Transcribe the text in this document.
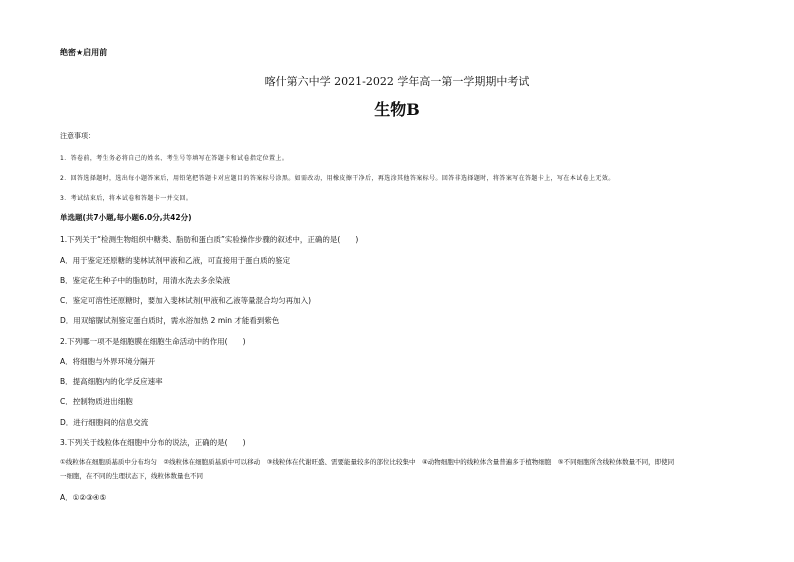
绝密★启用前
喀什第六中学 2021-2022 学年高一第一学期期中考试
生物B
注意事项：
1．答卷前，考生务必将自己的姓名、考生号等填写在答题卡和试卷指定位置上。
2．回答选择题时，选出每小题答案后，用铅笔把答题卡对应题目的答案标号涂黑。如需改动，用橡皮擦干净后，再选涂其他答案标号。回答非选择题时，将答案写在答题卡上，写在本试卷上无效。
3．考试结束后，将本试卷和答题卡一并交回。
单选题(共7小题,每小题6.0分,共42分)
1.下列关于“检测生物组织中糖类、脂肪和蛋白质”实验操作步骤的叙述中，正确的是(　　)
A．用于鉴定还原糖的斐林试剂甲液和乙液，可直接用于蛋白质的鉴定
B．鉴定花生种子中的脂肪时，用清水洗去多余染液
C．鉴定可溶性还原糖时，要加入斐林试剂(甲液和乙液等量混合均匀再加入)
D．用双缩脲试剂鉴定蛋白质时，需水浴加热 2 min 才能看到紫色
2.下列哪一项不是细胞膜在细胞生命活动中的作用(　　)
A．将细胞与外界环境分隔开
B．提高细胞内的化学反应速率
C．控制物质进出细胞
D．进行细胞间的信息交流
3.下列关于线粒体在细胞中分布的说法，正确的是(　　)
①线粒体在细胞质基质中分布均匀　②线粒体在细胞质基质中可以移动　③线粒体在代谢旺盛、需要能量较多的部位比较集中　④动物细胞中的线粒体含量普遍多于植物细胞　⑤不同细胞所含线粒体数量不同，即使同
一细胞，在不同的生理状态下，线粒体数量也不同
A．①②③④⑤
